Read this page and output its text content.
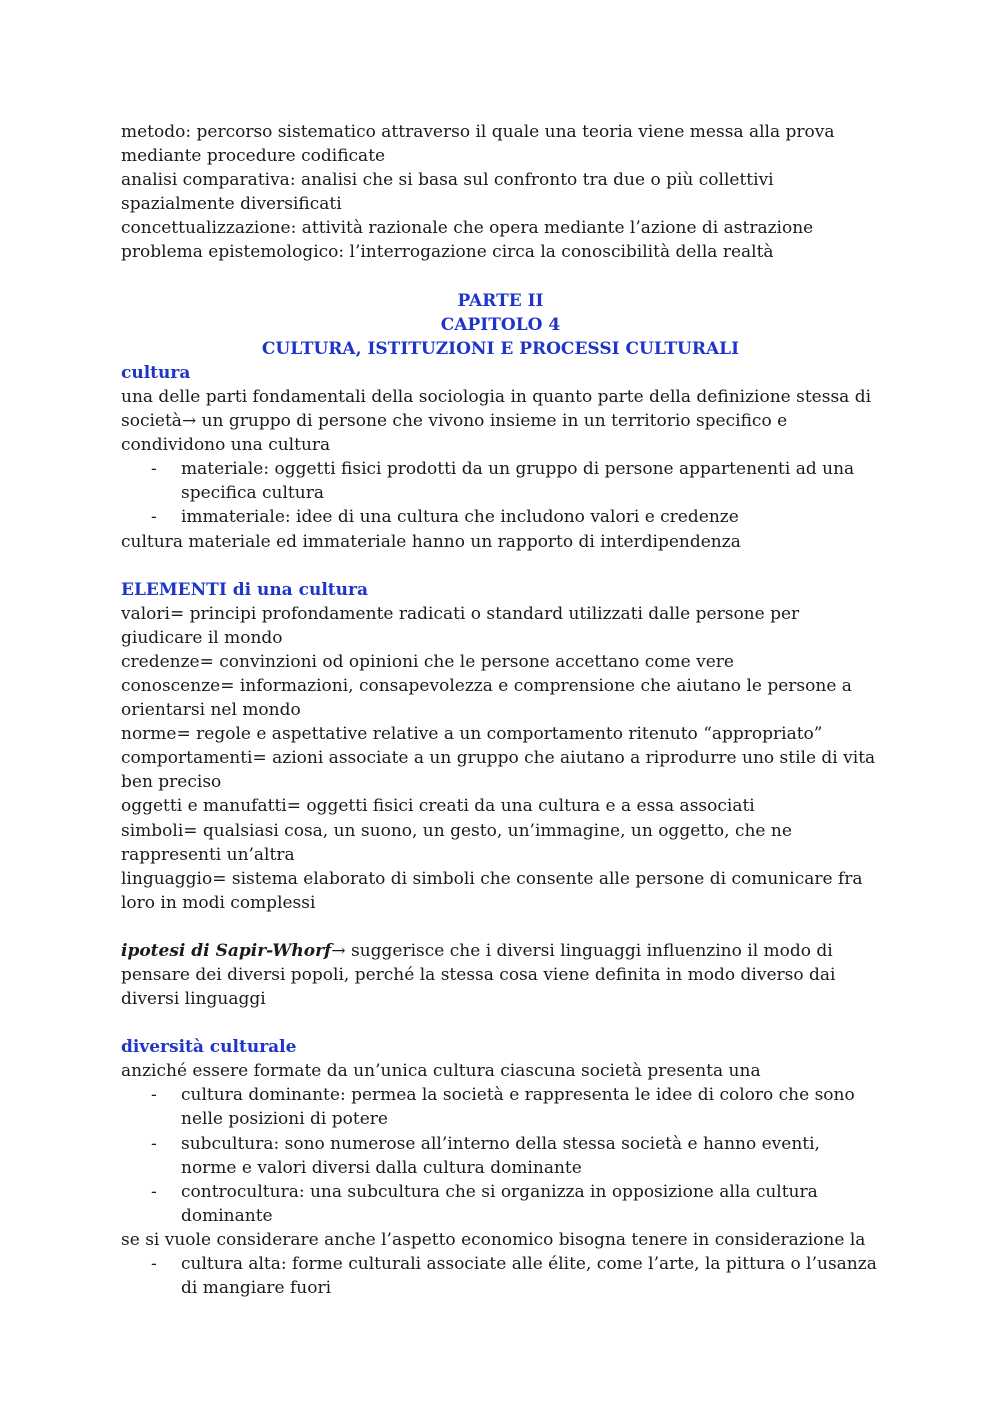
metodo: percorso sistematico attraverso il quale una teoria viene messa alla prova mediante procedure codificate

analisi comparativa: analisi che si basa sul confronto tra due o più collettivi spazialmente diversificati

concettualizzazione: attività razionale che opera mediante l’azione di astrazione

problema epistemologico: l’interrogazione circa la conoscibilità della realtà

PARTE II

CAPITOLO 4

CULTURA, ISTITUZIONI E PROCESSI CULTURALI

cultura

una delle parti fondamentali della sociologia in quanto parte della definizione stessa di società→ un gruppo di persone che vivono insieme in un territorio specifico e condividono una cultura

- materiale: oggetti fisici prodotti da un gruppo di persone appartenenti ad una specifica cultura
- immateriale: idee di una cultura che includono valori e credenze

cultura materiale ed immateriale hanno un rapporto di interdipendenza

ELEMENTI di una cultura

valori= principi profondamente radicati o standard utilizzati dalle persone per giudicare il mondo

credenze= convinzioni od opinioni che le persone accettano come vere

conoscenze= informazioni, consapevolezza e comprensione che aiutano le persone a orientarsi nel mondo

norme= regole e aspettative relative a un comportamento ritenuto “appropriato”

comportamenti= azioni associate a un gruppo che aiutano a riprodurre uno stile di vita ben preciso

oggetti e manufatti= oggetti fisici creati da una cultura e a essa associati

simboli= qualsiasi cosa, un suono, un gesto, un’immagine, un oggetto, che ne rappresenti un’altra

linguaggio= sistema elaborato di simboli che consente alle persone di comunicare fra loro in modi complessi

ipotesi di Sapir-Whorf→ suggerisce che i diversi linguaggi influenzino il modo di pensare dei diversi popoli, perché la stessa cosa viene definita in modo diverso dai diversi linguaggi

diversità culturale

anziché essere formate da un’unica cultura ciascuna società presenta una

- cultura dominante: permea la società e rappresenta le idee di coloro che sono nelle posizioni di potere
- subcultura: sono numerose all’interno della stessa società e hanno eventi, norme e valori diversi dalla cultura dominante
- controcultura: una subcultura che si organizza in opposizione alla cultura dominante

se si vuole considerare anche l’aspetto economico bisogna tenere in considerazione la

- cultura alta: forme culturali associate alle élite, come l’arte, la pittura o l’usanza di mangiare fuori
